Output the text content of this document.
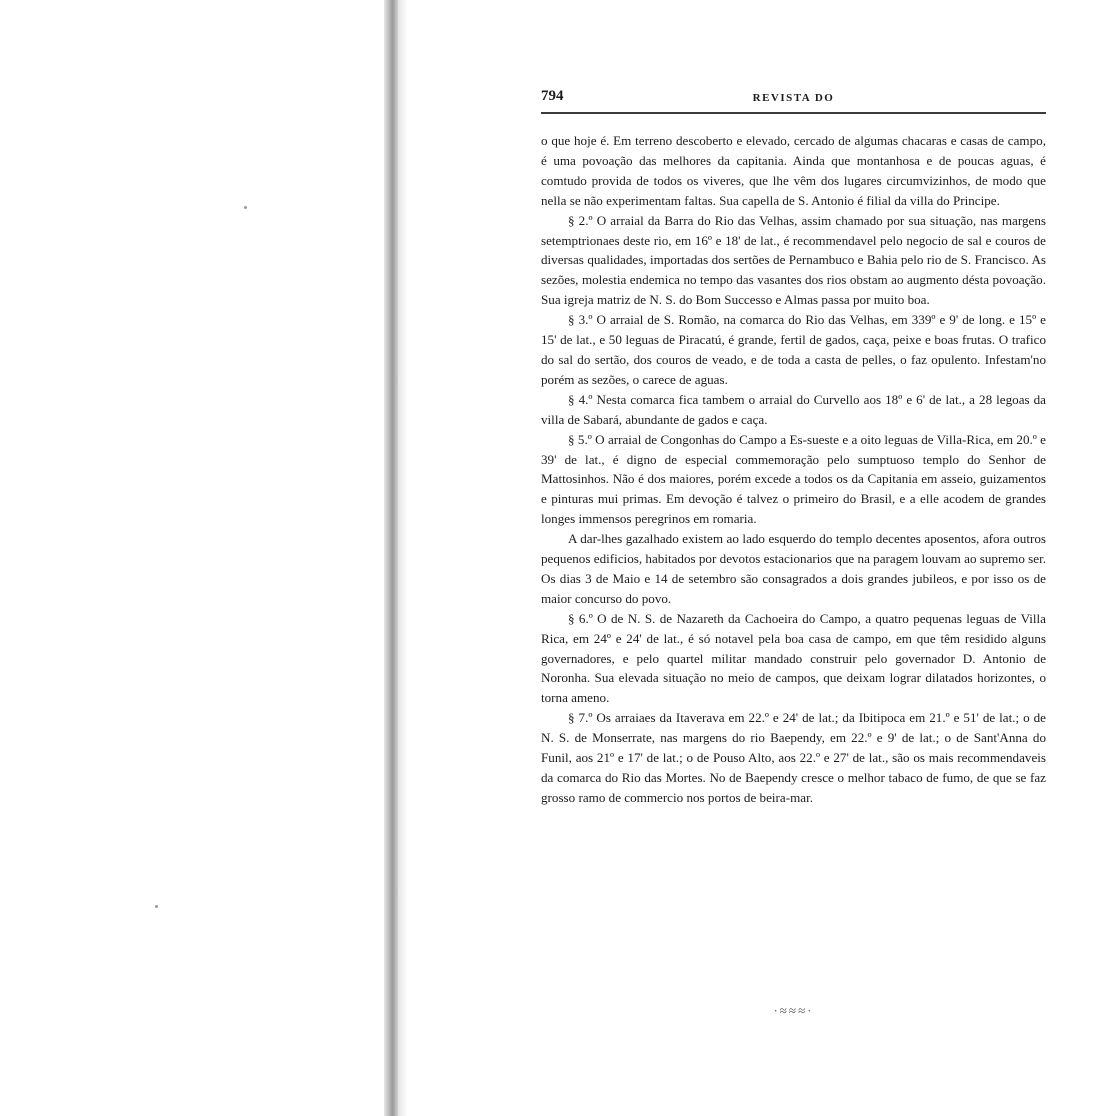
794	REVISTA DO

o que hoje é. Em terreno descoberto e elevado, cercado de algumas chacaras e casas de campo, é uma povoação das melhores da capitania. Ainda que montanhosa e de poucas aguas, é comtudo provida de todos os viveres, que lhe vêm dos lugares circumvizinhos, de modo que nella se não experimentam faltas. Sua capella de S. Antonio é filial da villa do Principe.

§ 2.º O arraial da Barra do Rio das Velhas, assim chamado por sua situação, nas margens setemptrionaes deste rio, em 16º e 18' de lat., é recommendavel pelo negocio de sal e couros de diversas qualidades, importadas dos sertões de Pernambuco e Bahia pelo rio de S. Francisco. As sezões, molestia endemica no tempo das vasantes dos rios obstam ao augmento désta povoação. Sua igreja matriz de N. S. do Bom Successo e Almas passa por muito boa.

§ 3.º O arraial de S. Romão, na comarca do Rio das Velhas, em 339º e 9' de long. e 15º e 15' de lat., e 50 leguas de Piracatú, é grande, fertil de gados, caça, peixe e boas frutas. O trafico do sal do sertão, dos couros de veado, e de toda a casta de pelles, o faz opulento. Infestam'no porém as sezões, o carece de aguas.

§ 4.º Nesta comarca fica tambem o arraial do Curvello aos 18º e 6' de lat., a 28 legoas da villa de Sabará, abundante de gados e caça.

§ 5.º O arraial de Congonhas do Campo a Es-sueste e a oito leguas de Villa-Rica, em 20.º e 39' de lat., é digno de especial commemoração pelo sumptuoso templo do Senhor de Mattosinhos. Não é dos maiores, porém excede a todos os da Capitania em asseio, guizamentos e pinturas mui primas. Em devoção é talvez o primeiro do Brasil, e a elle acodem de grandes longes immensos peregrinos em romaria.

A dar-lhes gazalhado existem ao lado esquerdo do templo decentes aposentos, afora outros pequenos edificios, habitados por devotos estacionarios que na paragem louvam ao supremo ser. Os dias 3 de Maio e 14 de setembro são consagrados a dois grandes jubileos, e por isso os de maior concurso do povo.

§ 6.º O de N. S. de Nazareth da Cachoeira do Campo, a quatro pequenas leguas de Villa Rica, em 24º e 24' de lat., é só notavel pela boa casa de campo, em que têm residido alguns governadores, e pelo quartel militar mandado construir pelo governador D. Antonio de Noronha. Sua elevada situação no meio de campos, que deixam lograr dilatados horizontes, o torna ameno.

§ 7.º Os arraiaes da Itaverava em 22.º e 24' de lat.; da Ibitipoca em 21.º e 51' de lat.; o de N. S. de Monserrate, nas margens do rio Baependy, em 22.º e 9' de lat.; o de Sant'Anna do Funil, aos 21º e 17' de lat.; o de Pouso Alto, aos 22.º e 27' de lat., são os mais recommendaveis da comarca do Rio das Mortes. No de Baependy cresce o melhor tabaco de fumo, de que se faz grosso ramo de commercio nos portos de beira-mar.

·≈≈≈·
